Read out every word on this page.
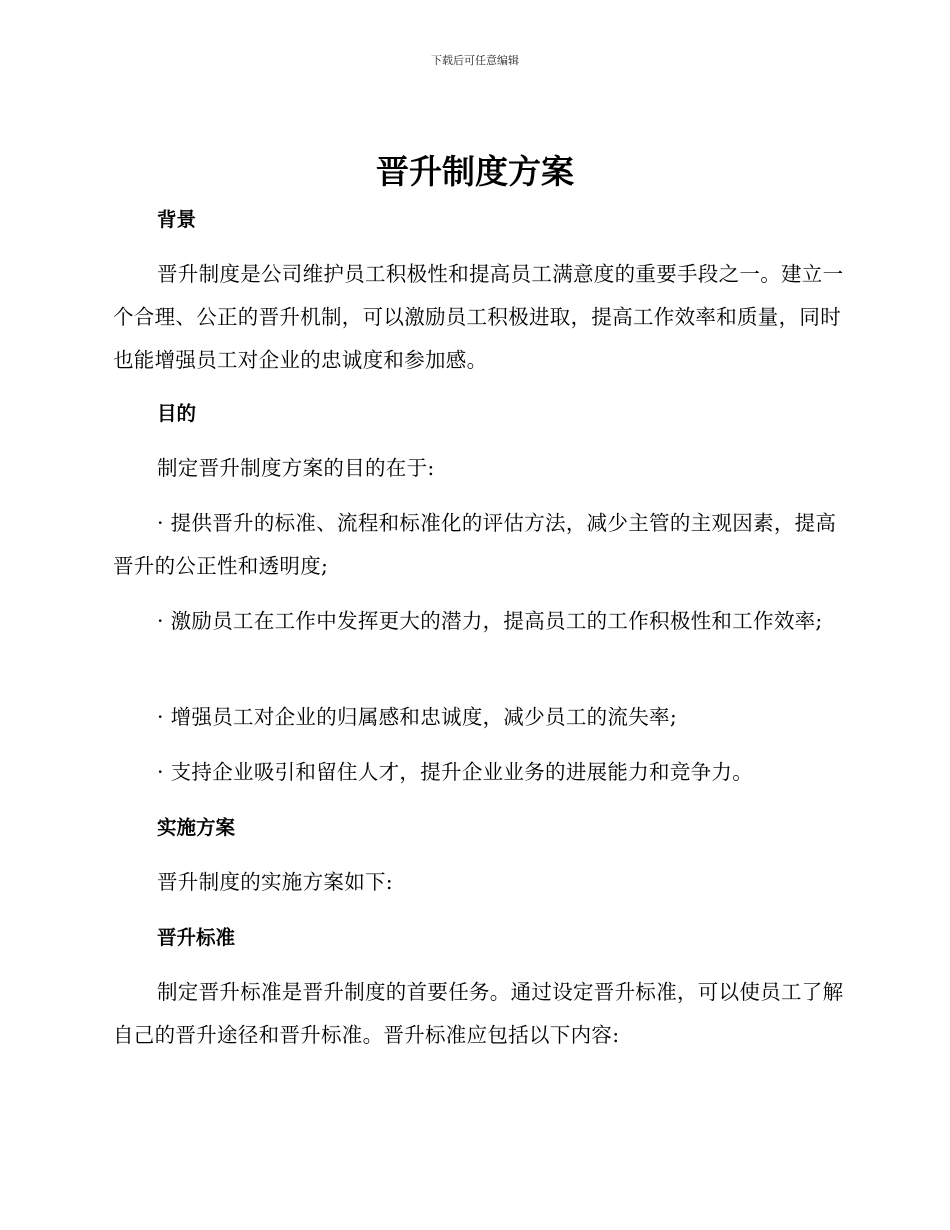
下载后可任意编辑
晋升制度方案
背景

晋升制度是公司维护员工积极性和提高员工满意度的重要手段之一。建立一个合理、公正的晋升机制，可以激励员工积极进取，提高工作效率和质量，同时也能增强员工对企业的忠诚度和参加感。

目的

制定晋升制度方案的目的在于:

· 提供晋升的标准、流程和标准化的评估方法，减少主管的主观因素，提高晋升的公正性和透明度;

· 激励员工在工作中发挥更大的潜力，提高员工的工作积极性和工作效率;

· 增强员工对企业的归属感和忠诚度，减少员工的流失率;

· 支持企业吸引和留住人才，提升企业业务的进展能力和竞争力。

实施方案

晋升制度的实施方案如下:

晋升标准

制定晋升标准是晋升制度的首要任务。通过设定晋升标准，可以使员工了解自己的晋升途径和晋升标准。晋升标准应包括以下内容:
